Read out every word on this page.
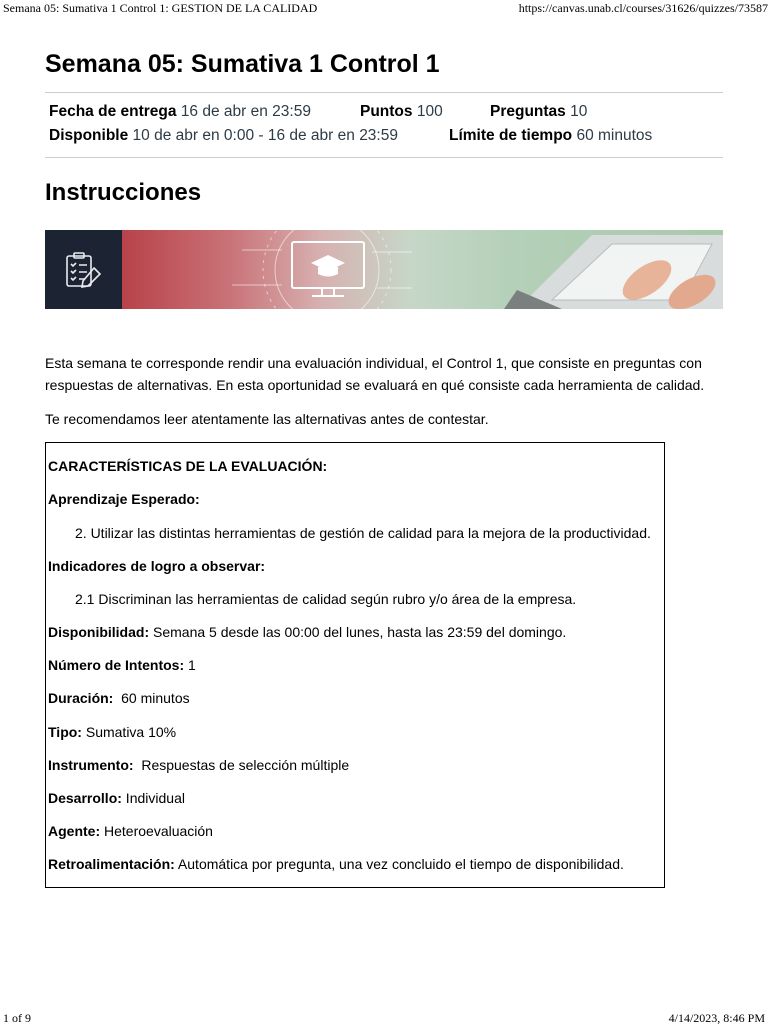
Semana 05: Sumativa 1 Control 1: GESTION DE LA CALIDAD	https://canvas.unab.cl/courses/31626/quizzes/73587
Semana 05: Sumativa 1 Control 1
Fecha de entrega 16 de abr en 23:59	Puntos 100	Preguntas 10
Disponible 10 de abr en 0:00 - 16 de abr en 23:59	Límite de tiempo 60 minutos
Instrucciones

Esta semana te corresponde rendir una evaluación individual, el Control 1, que consiste en preguntas con respuestas de alternativas. En esta oportunidad se evaluará en qué consiste cada herramienta de calidad.

Te recomendamos leer atentamente las alternativas antes de contestar.

CARACTERÍSTICAS DE LA EVALUACIÓN:
Aprendizaje Esperado:
2. Utilizar las distintas herramientas de gestión de calidad para la mejora de la productividad.
Indicadores de logro a observar:
2.1 Discriminan las herramientas de calidad según rubro y/o área de la empresa.
Disponibilidad: Semana 5 desde las 00:00 del lunes, hasta las 23:59 del domingo.
Número de Intentos: 1
Duración:  60 minutos
Tipo: Sumativa 10%
Instrumento:  Respuestas de selección múltiple
Desarrollo: Individual
Agente: Heteroevaluación
Retroalimentación: Automática por pregunta, una vez concluido el tiempo de disponibilidad.
1 of 9	4/14/2023, 8:46 PM
